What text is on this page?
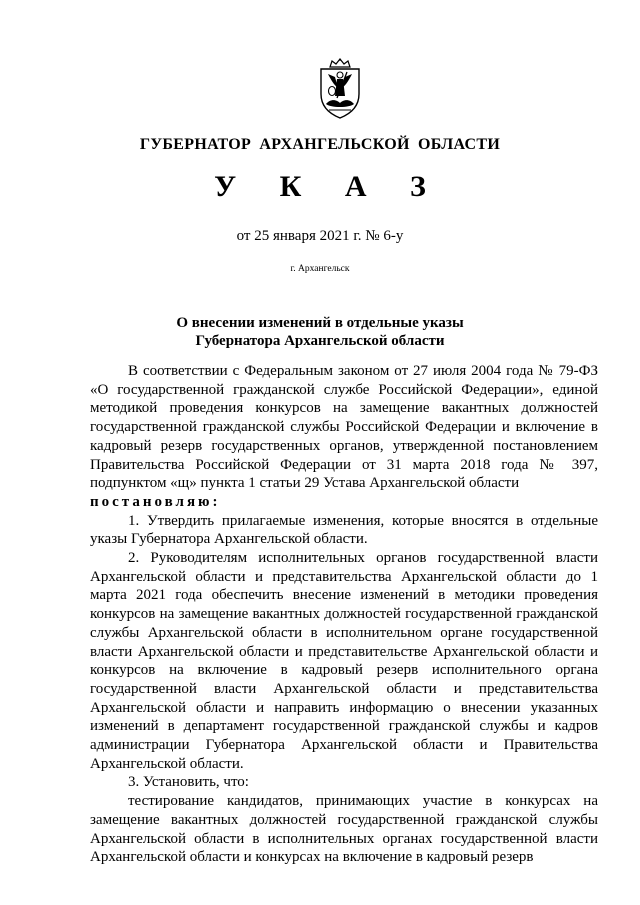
ГУБЕРНАТОР АРХАНГЕЛЬСКОЙ ОБЛАСТИ
У К А З
от 25 января 2021 г. № 6-у
г. Архангельск
О внесении изменений в отдельные указы
Губернатора Архангельской области

В соответствии с Федеральным законом от 27 июля 2004 года № 79-ФЗ «О государственной гражданской службе Российской Федерации», единой методикой проведения конкурсов на замещение вакантных должностей государственной гражданской службы Российской Федерации и включение в кадровый резерв государственных органов, утвержденной постановлением Правительства Российской Федерации от 31 марта 2018 года № 397, подпунктом «щ» пункта 1 статьи 29 Устава Архангельской области

постановляю:

1. Утвердить прилагаемые изменения, которые вносятся в отдельные указы Губернатора Архангельской области.

2. Руководителям исполнительных органов государственной власти Архангельской области и представительства Архангельской области до 1 марта 2021 года обеспечить внесение изменений в методики проведения конкурсов на замещение вакантных должностей государственной гражданской службы Архангельской области в исполнительном органе государственной власти Архангельской области и представительстве Архангельской области и конкурсов на включение в кадровый резерв исполнительного органа государственной власти Архангельской области и представительства Архангельской области и направить информацию о внесении указанных изменений в департамент государственной гражданской службы и кадров администрации Губернатора Архангельской области и Правительства Архангельской области.

3. Установить, что:

тестирование кандидатов, принимающих участие в конкурсах на замещение вакантных должностей государственной гражданской службы Архангельской области в исполнительных органах государственной власти Архангельской области и конкурсах на включение в кадровый резерв
